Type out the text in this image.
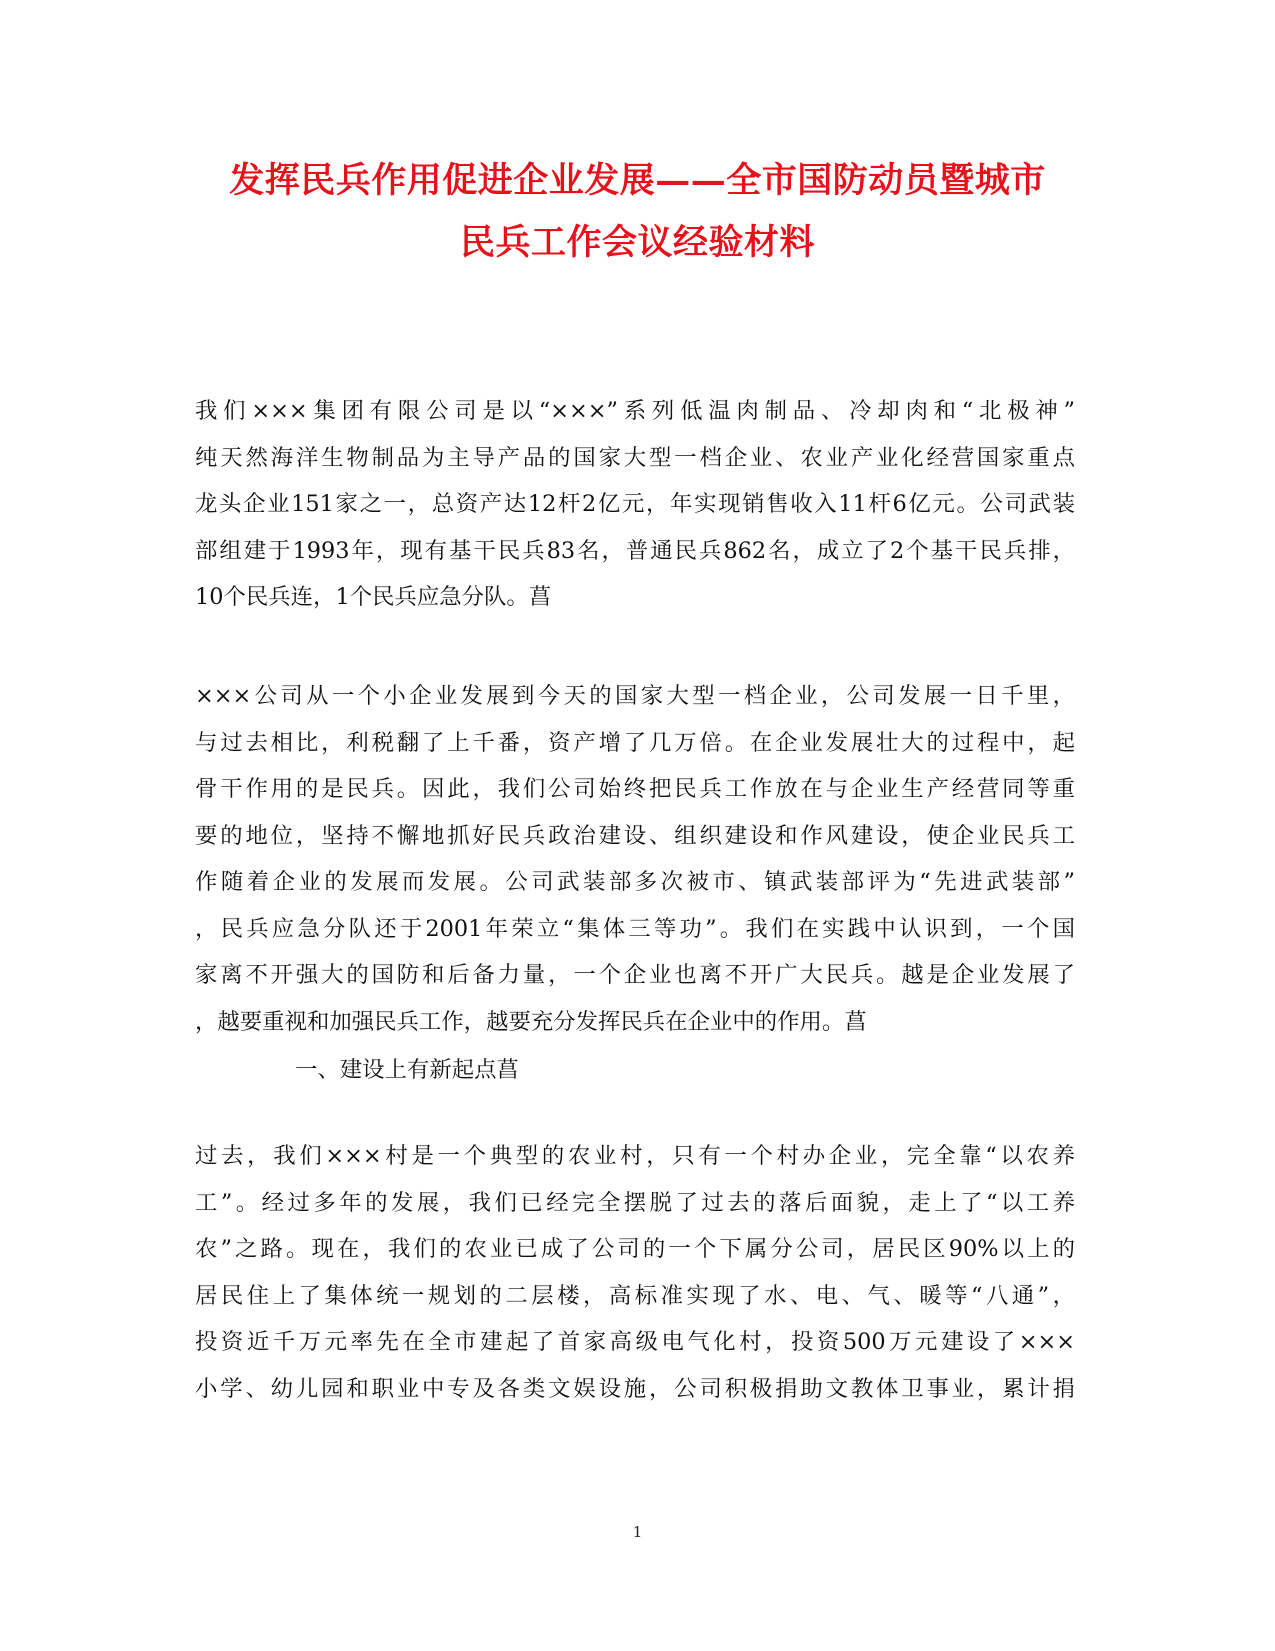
发挥民兵作用促进企业发展——全市国防动员暨城市
民兵工作会议经验材料
我们×××集团有限公司是以“×××”系列低温肉制品、冷却肉和“北极神”
纯天然海洋生物制品为主导产品的国家大型一档企业、农业产业化经营国家重点
龙头企业151家之一，总资产达12杆2亿元，年实现销售收入11杆6亿元。公司武装
部组建于1993年，现有基干民兵83名，普通民兵862名，成立了2个基干民兵排，
10个民兵连，1个民兵应急分队。菖
×××公司从一个小企业发展到今天的国家大型一档企业，公司发展一日千里，
与过去相比，利税翻了上千番，资产增了几万倍。在企业发展壮大的过程中，起
骨干作用的是民兵。因此，我们公司始终把民兵工作放在与企业生产经营同等重
要的地位，坚持不懈地抓好民兵政治建设、组织建设和作风建设，使企业民兵工
作随着企业的发展而发展。公司武装部多次被市、镇武装部评为“先进武装部”
，民兵应急分队还于2001年荣立“集体三等功”。我们在实践中认识到，一个国
家离不开强大的国防和后备力量，一个企业也离不开广大民兵。越是企业发展了
，越要重视和加强民兵工作，越要充分发挥民兵在企业中的作用。菖

一、建设上有新起点菖

过去，我们×××村是一个典型的农业村，只有一个村办企业，完全靠“以农养
工”。经过多年的发展，我们已经完全摆脱了过去的落后面貌，走上了“以工养
农”之路。现在，我们的农业已成了公司的一个下属分公司，居民区90%以上的
居民住上了集体统一规划的二层楼，高标准实现了水、电、气、暖等“八通”，
投资近千万元率先在全市建起了首家高级电气化村，投资500万元建设了×××
小学、幼儿园和职业中专及各类文娱设施，公司积极捐助文教体卫事业，累计捐
1
